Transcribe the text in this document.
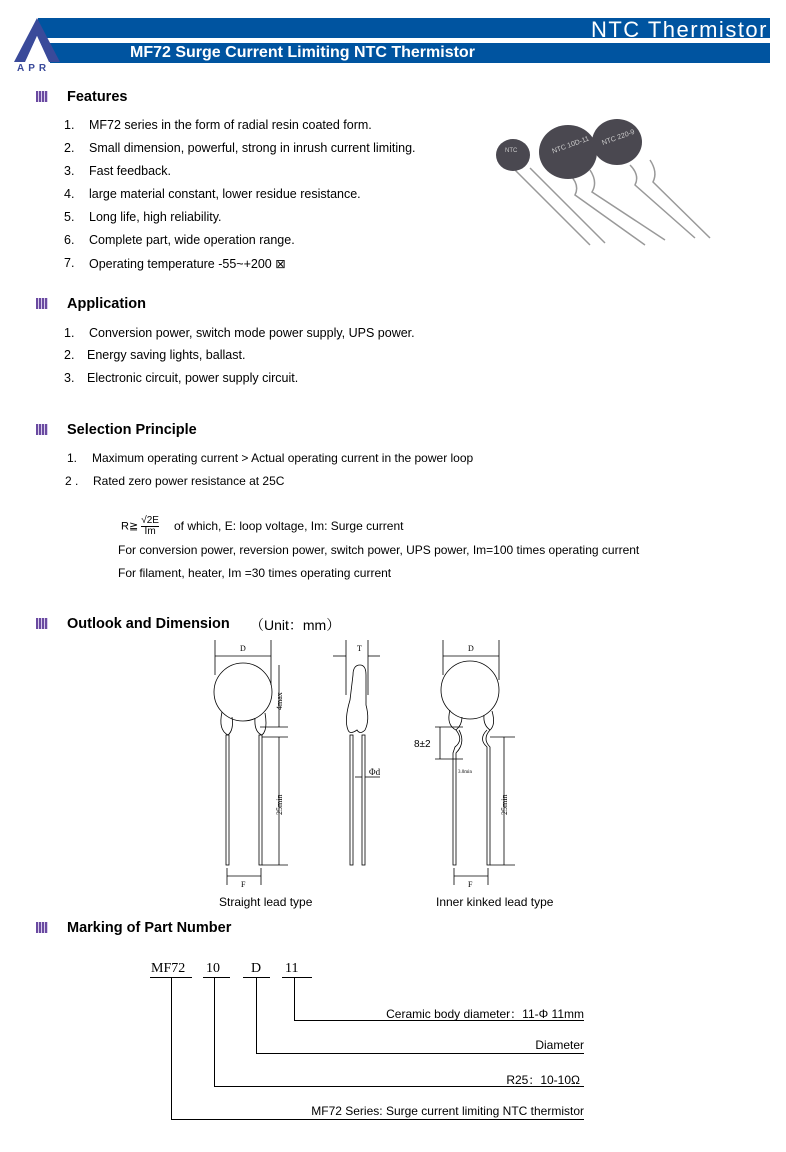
APR
NTC Thermistor
MF72 Surge Current Limiting NTC Thermistor
Features
1. MF72 series in the form of radial resin coated form.
2. Small dimension, powerful, strong in inrush current limiting.
3. Fast feedback.
4. large material constant, lower residue resistance.
5. Long life, high reliability.
6. Complete part, wide operation range.
7. Operating temperature -55~+200 ⊠
NTC	NTC 10D-11 NTC 220-9
Application
1. Conversion power, switch mode power supply, UPS power.
2. Energy saving lights, ballast.
3. Electronic circuit, power supply circuit.
Selection Principle
1. Maximum operating current > Actual operating current in the power loop
2 . Rated zero power resistance at 25C
R≧ $\frac{√2E}{Im}$ of which, E: loop voltage, Im: Surge current
For conversion power, reversion power, switch power, UPS power, Im=100 times operating current
For filament, heater, Im =30 times operating current
Outlook and Dimension （Unit：mm）
D	T	D
4max
25min	25min
Φd
8±2
3.0min
F	F
Straight lead type	Inner kinked lead type
Marking of Part Number
MF72 10 D 11
Ceramic body diameter：11-Φ 11mm
Diameter
R25：10-10Ω
MF72 Series: Surge current limiting NTC thermistor
